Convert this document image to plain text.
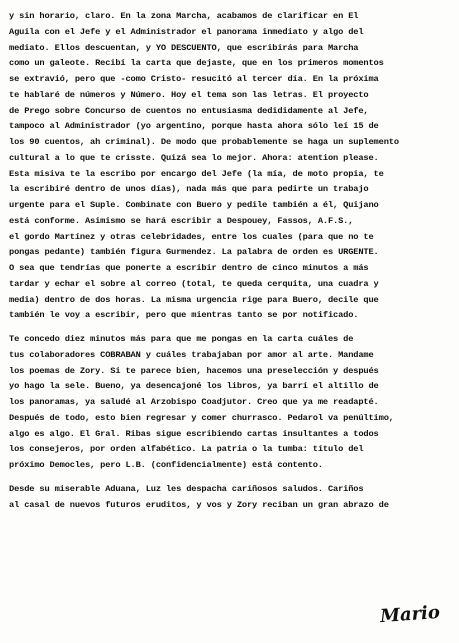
y sin horario, claro. En la zona Marcha, acabamos de clarificar en El
Aguila con el Jefe y el Administrador el panorama inmediato y algo del
mediato. Ellos descuentan, y YO DESCUENTO, que escribirás para Marcha
como un galeote. Recibí la carta que dejaste, que en los primeros momentos
se extravió, pero que -como Cristo- resucitó al tercer día. En la próxima
te hablaré de números y Número. Hoy el tema son las letras. El proyecto
de Prego sobre Concurso de cuentos no entusiasma dedididamente al Jefe,
tampoco al Administrador (yo argentino, porque hasta ahora sólo leí 15 de
los 90 cuentos, ah criminal). De modo que probablemente se haga un suplemento
cultural a lo que te crisste. Quizá sea lo mejor. Ahora: atention please.
Esta misiva te la escribo por encargo del Jefe (la mía, de moto propia, te
la escribiré dentro de unos días), nada más que para pedirte un trabajo
urgente para el Suple. Combinate con Buero y pedile también a él, Quijano
está conforme. Asimismo se hará escribir a Despouey, Fassos, A.F.S.,
el gordo Martínez y otras celebridades, entre los cuales (para que no te
pongas pedante) también figura Gurmendez. La palabra de orden es URGENTE.
O sea que tendrías que ponerte a escribir dentro de cinco minutos a más
tardar y echar el sobre al correo (total, te queda cerquita, una cuadra y
media) dentro de dos horas. La misma urgencia rige para Buero, decile que
también le voy a escribir, pero que mientras tanto se por notificado.
Te concedo diez minutos más para que me pongas en la carta cuáles de
tus colaboradores COBRABAN y cuáles trabajaban por amor al arte. Mandame
los poemas de Zory. Si te parece bien, hacemos una preselección y después
yo hago la sele. Bueno, ya desencajoné los libros, ya barrí el altillo de
los panoramas, ya saludé al Arzobispo Coadjutor. Creo que ya me readapté.
Después de todo, esto bien regresar y comer churrasco. Pedarol va penúltimo,
algo es algo. El Gral. Ribas sigue escribiendo cartas insultantes a todos
los consejeros, por orden alfabético. La patria o la tumba: título del
próximo Democles, pero L.B. (confidencialmente) está contento.
Desde su miserable Aduana, Luz les despacha cariñosos saludos. Cariños
al casal de nuevos futuros eruditos, y vos y Zory reciban un gran abrazo de
Mario
